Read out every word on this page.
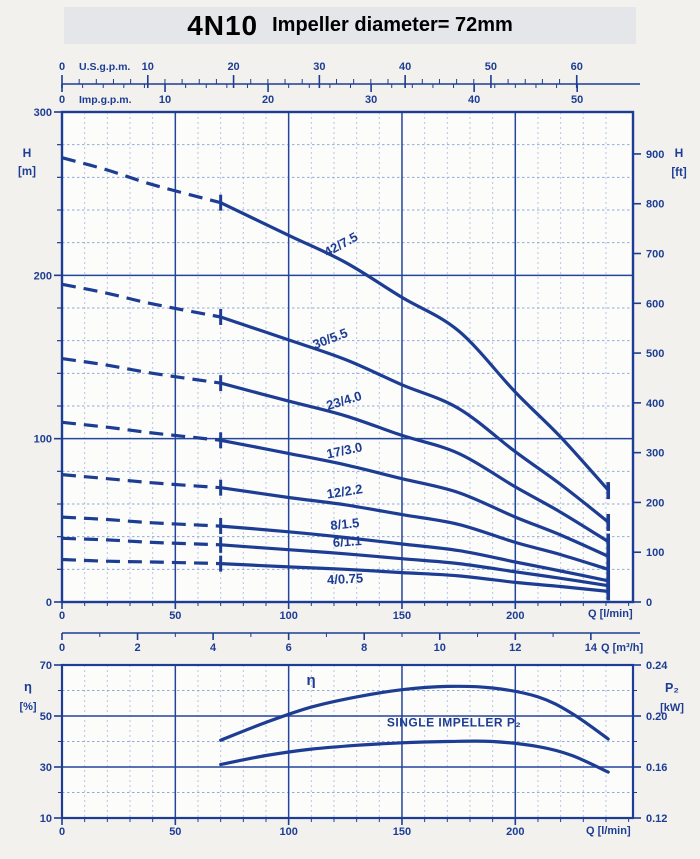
4N10 Impeller diameter= 72mm
0	10	20	30	40	50	60
U.S.g.p.m.
0	10	20	30	40	50
Imp.g.p.m.
0
100
200
300
H
[m]
0
100
200
300
400
500
600
700
800
900 H
[ft]
0	50	100	150	200	Q [l/min]
0	2	4	6	8	10	12	14 Q [m³/h]
42/7.5
30/5.5
23/4.0
17/3.0
12/2.2
8/1.5
6/1.1
4/0.75
10
30
50
70
η
[%]
0.12
0.16
0.20
0.24
P₂
[kW]
0	50	100	150	200	Q [l/min]
η
SINGLE IMPELLER P₂
